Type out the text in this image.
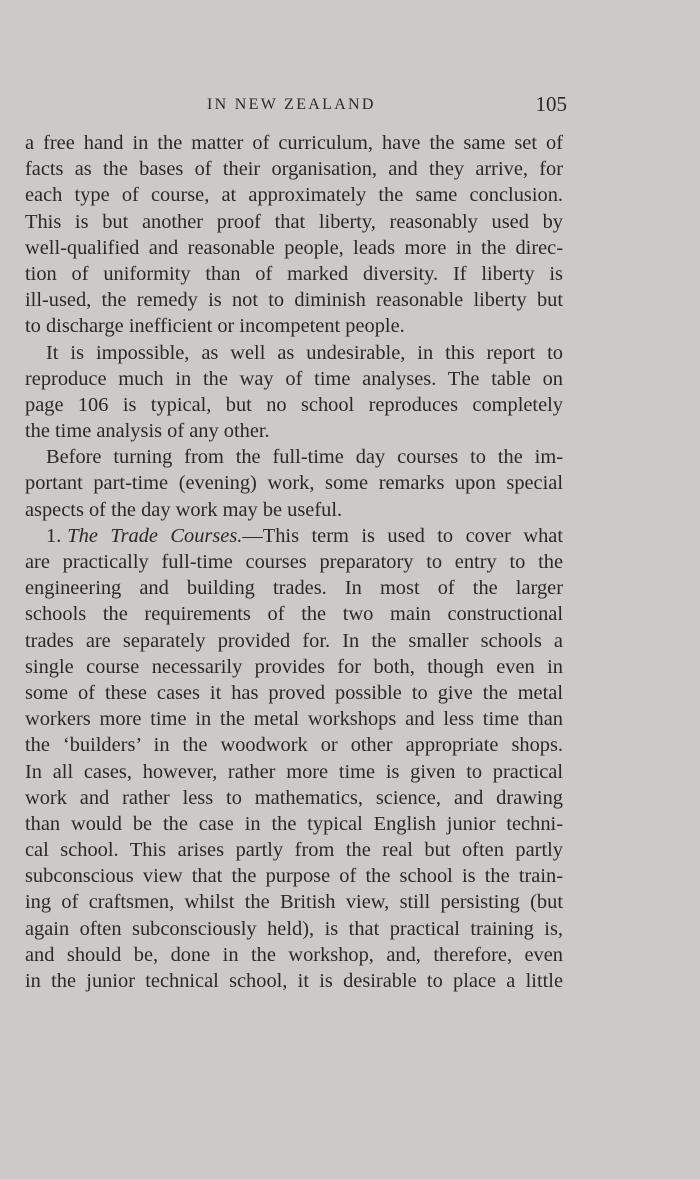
IN NEW ZEALAND	105
a free hand in the matter of curriculum, have the same set of
facts as the bases of their organisation, and they arrive, for
each type of course, at approximately the same conclusion.
This is but another proof that liberty, reasonably used by
well-qualified and reasonable people, leads more in the direc-
tion of uniformity than of marked diversity. If liberty is
ill-used, the remedy is not to diminish reasonable liberty but
to discharge inefficient or incompetent people.
It is impossible, as well as undesirable, in this report to
reproduce much in the way of time analyses. The table on
page 106 is typical, but no school reproduces completely
the time analysis of any other.
Before turning from the full-time day courses to the im-
portant part-time (evening) work, some remarks upon special
aspects of the day work may be useful.
1. The Trade Courses.—This term is used to cover what
are practically full-time courses preparatory to entry to the
engineering and building trades. In most of the larger
schools the requirements of the two main constructional
trades are separately provided for. In the smaller schools a
single course necessarily provides for both, though even in
some of these cases it has proved possible to give the metal
workers more time in the metal workshops and less time than
the ‘builders’ in the woodwork or other appropriate shops.
In all cases, however, rather more time is given to practical
work and rather less to mathematics, science, and drawing
than would be the case in the typical English junior techni-
cal school. This arises partly from the real but often partly
subconscious view that the purpose of the school is the train-
ing of craftsmen, whilst the British view, still persisting (but
again often subconsciously held), is that practical training is,
and should be, done in the workshop, and, therefore, even
in the junior technical school, it is desirable to place a little
